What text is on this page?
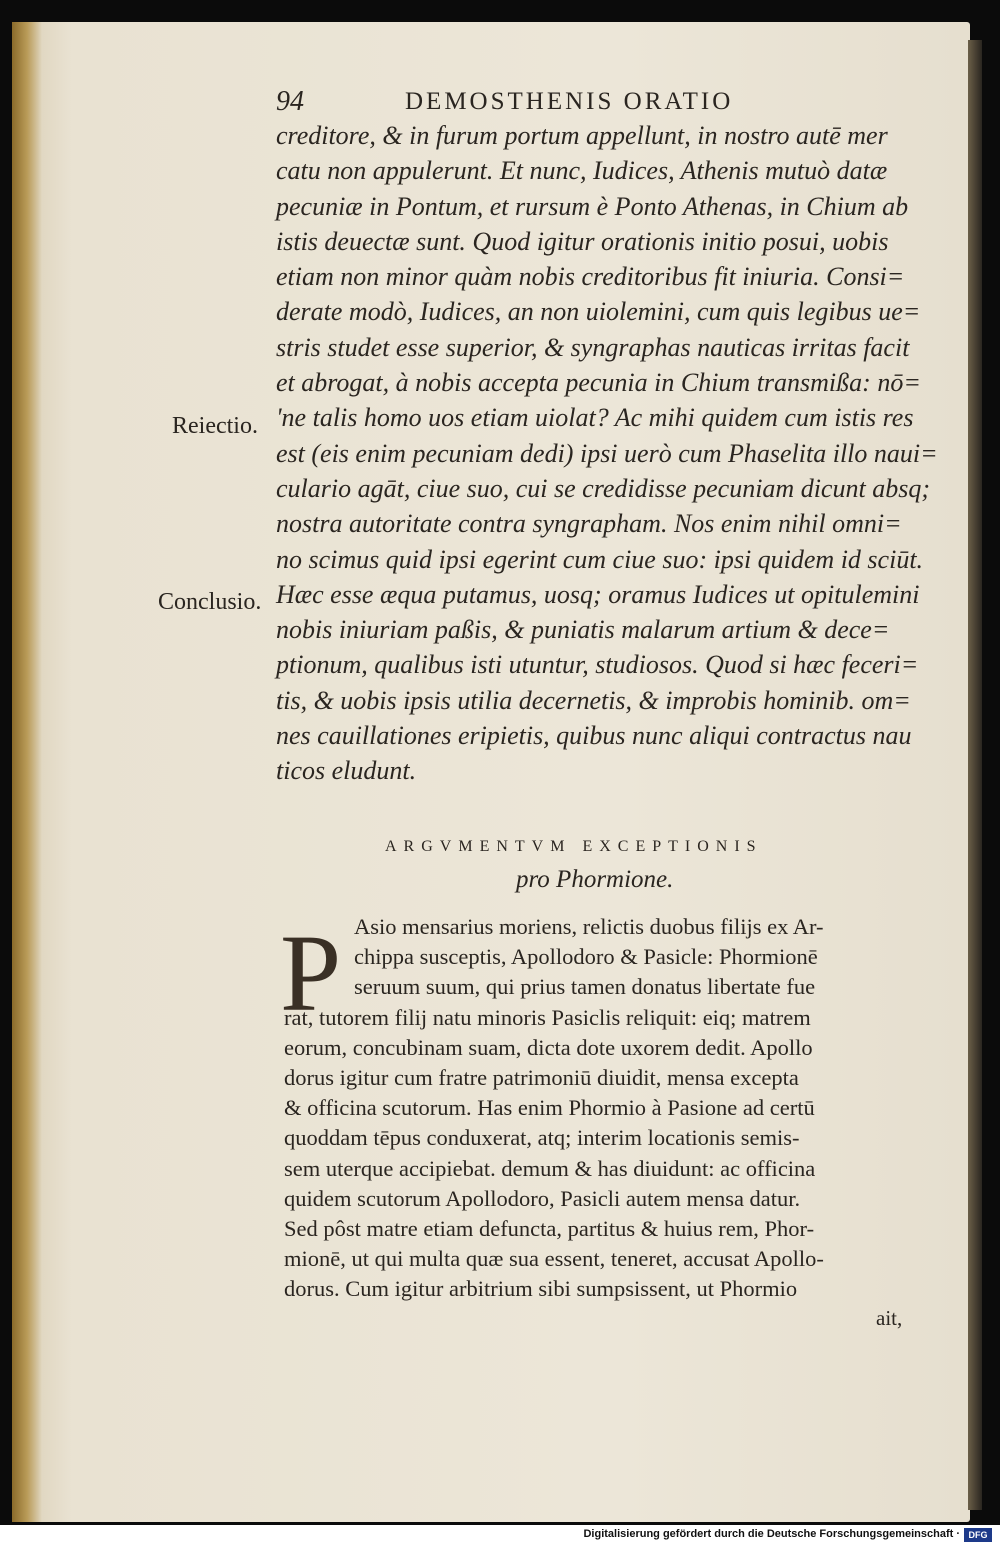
94	DEMOSTHENIS ORATIO
creditore, & in furum portum appellunt, in nostro autē mer
catu non appulerunt. Et nunc, Iudices, Athenis mutuò datæ
pecuniæ in Pontum, et rursum è Ponto Athenas, in Chium ab
istis deuectæ sunt. Quod igitur orationis initio posui, uobis
etiam non minor quàm nobis creditoribus fit iniuria. Consi=
derate modò, Iudices, an non uiolemini, cum quis legibus ue=
stris studet esse superior, & syngraphas nauticas irritas facit
et abrogat, à nobis accepta pecunia in Chium transmißa: nō=
'ne talis homo uos etiam uiolat? Ac mihi quidem cum istis res
est (eis enim pecuniam dedi) ipsi uerò cum Phaselita illo naui=
culario agāt, ciue suo, cui se credidisse pecuniam dicunt absq;
nostra autoritate contra syngrapham. Nos enim nihil omni=
no scimus quid ipsi egerint cum ciue suo: ipsi quidem id sciūt.
Hæc esse æqua putamus, uosq; oramus Iudices ut opitulemini
nobis iniuriam paßis, & puniatis malarum artium & dece=
ptionum, qualibus isti utuntur, studiosos. Quod si hæc feceri=
tis, & uobis ipsis utilia decernetis, & improbis hominib. om=
nes cauillationes eripietis, quibus nunc aliqui contractus nau
ticos eludunt.
Reiectio.
Conclusio.
ARGVMENTVM EXCEPTIONIS
pro Phormione.
P Asio mensarius moriens, relictis duobus filijs ex Ar-
chippa susceptis, Apollodoro & Pasicle: Phormionē
seruum suum, qui prius tamen donatus libertate fue
rat, tutorem filij natu minoris Pasiclis reliquit: eiq; matrem
eorum, concubinam suam, dicta dote uxorem dedit. Apollo
dorus igitur cum fratre patrimoniū diuidit, mensa excepta
& officina scutorum. Has enim Phormio à Pasione ad certū
quoddam tēpus conduxerat, atq; interim locationis semis-
sem uterque accipiebat. demum & has diuidunt: ac officina
quidem scutorum Apollodoro, Pasicli autem mensa datur.
Sed pôst matre etiam defuncta, partitus & huius rem, Phor-
mionē, ut qui multa quæ sua essent, teneret, accusat Apollo-
dorus. Cum igitur arbitrium sibi sumpsissent, ut Phormio
ait,
Digitalisierung gefördert durch die Deutsche Forschungsgemeinschaft · DFG
